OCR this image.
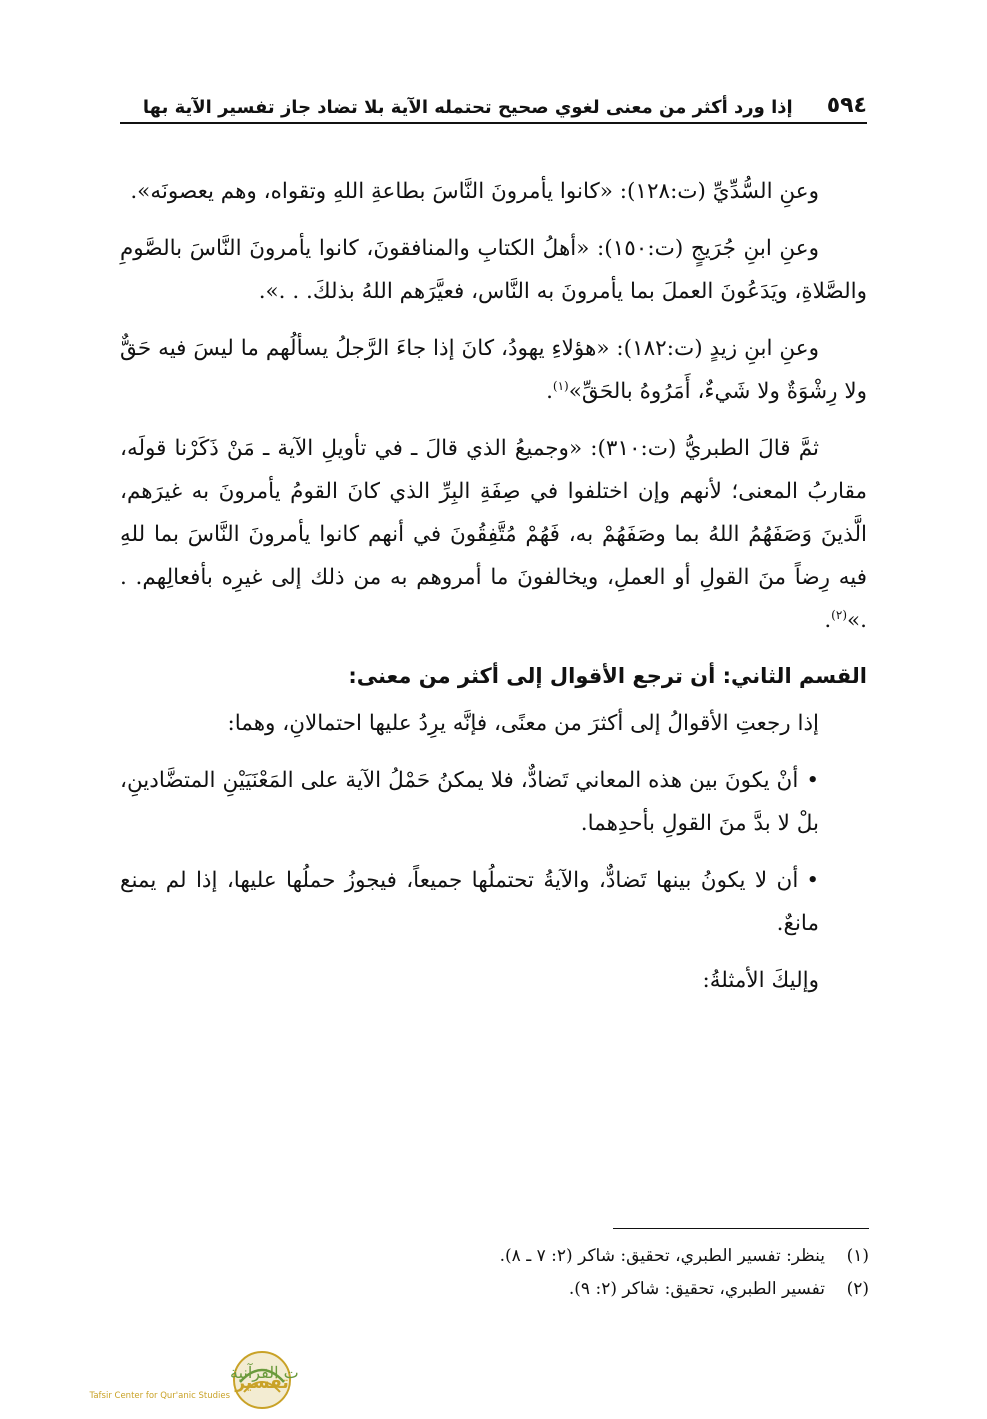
٥٩٤
إذا ورد أكثر من معنى لغوي صحيح تحتمله الآية بلا تضاد جاز تفسير الآية بها

وعنِ السُّدِّيِّ (ت:١٢٨): «كانوا يأمرونَ النَّاسَ بطاعةِ اللهِ وتقواه، وهم يعصونَه».

وعنِ ابنِ جُرَيجٍ (ت:١٥٠): «أهلُ الكتابِ والمنافقونَ، كانوا يأمرونَ النَّاسَ بالصَّومِ والصَّلاةِ، ويَدَعُونَ العملَ بما يأمرونَ به النَّاس، فعيَّرَهم اللهُ بذلكَ. . .».

وعنِ ابنِ زيدٍ (ت:١٨٢): «هؤلاءِ يهودُ، كانَ إذا جاءَ الرَّجلُ يسألُهم ما ليسَ فيه حَقٌّ ولا رِشْوَةٌ ولا شَيءٌ، أَمَرُوهُ بالحَقِّ»$^{(١)}$.

ثمَّ قالَ الطبريُّ (ت:٣١٠): «وجميعُ الذي قالَ ـ في تأويلِ الآية ـ مَنْ ذَكَرْنا قولَه، مقاربُ المعنى؛ لأنهم وإن اختلفوا في صِفَةِ البِرِّ الذي كانَ القومُ يأمرونَ به غيرَهم، الَّذينَ وَصَفَهُمُ اللهُ بما وصَفَهُمْ به، فَهُمْ مُتَّفِقُونَ في أنهم كانوا يأمرونَ النَّاسَ بما للهِ فيه رِضاً منَ القولِ أو العملِ، ويخالفونَ ما أمروهم به من ذلك إلى غيرِه بأفعالِهم. . .»$^{(٢)}$.

القسم الثاني: أن ترجع الأقوال إلى أكثر من معنى:

إذا رجعتِ الأقوالُ إلى أكثرَ من معنًى، فإنَّه يرِدُ عليها احتمالانِ، وهما:

•أنْ يكونَ بين هذه المعاني تَضادٌّ، فلا يمكنُ حَمْلُ الآية على المَعْنَيَيْنِ المتضَّادينِ، بلْ لا بدَّ منَ القولِ بأحدِهما.

•أن لا يكونُ بينها تَضادٌّ، والآيةُ تحتملُها جميعاً، فيجوزُ حملُها عليها، إذا لم يمنع مانعٌ.

وإليكَ الأمثلةُ:

(١)
ينظر: تفسير الطبري، تحقيق: شاكر (٢: ٧ ـ ٨).
(٢)
تفسير الطبري، تحقيق: شاكر (٢: ٩).
تفسير
ت القرآنية
Tafsir Center for Qur'anic Studies
